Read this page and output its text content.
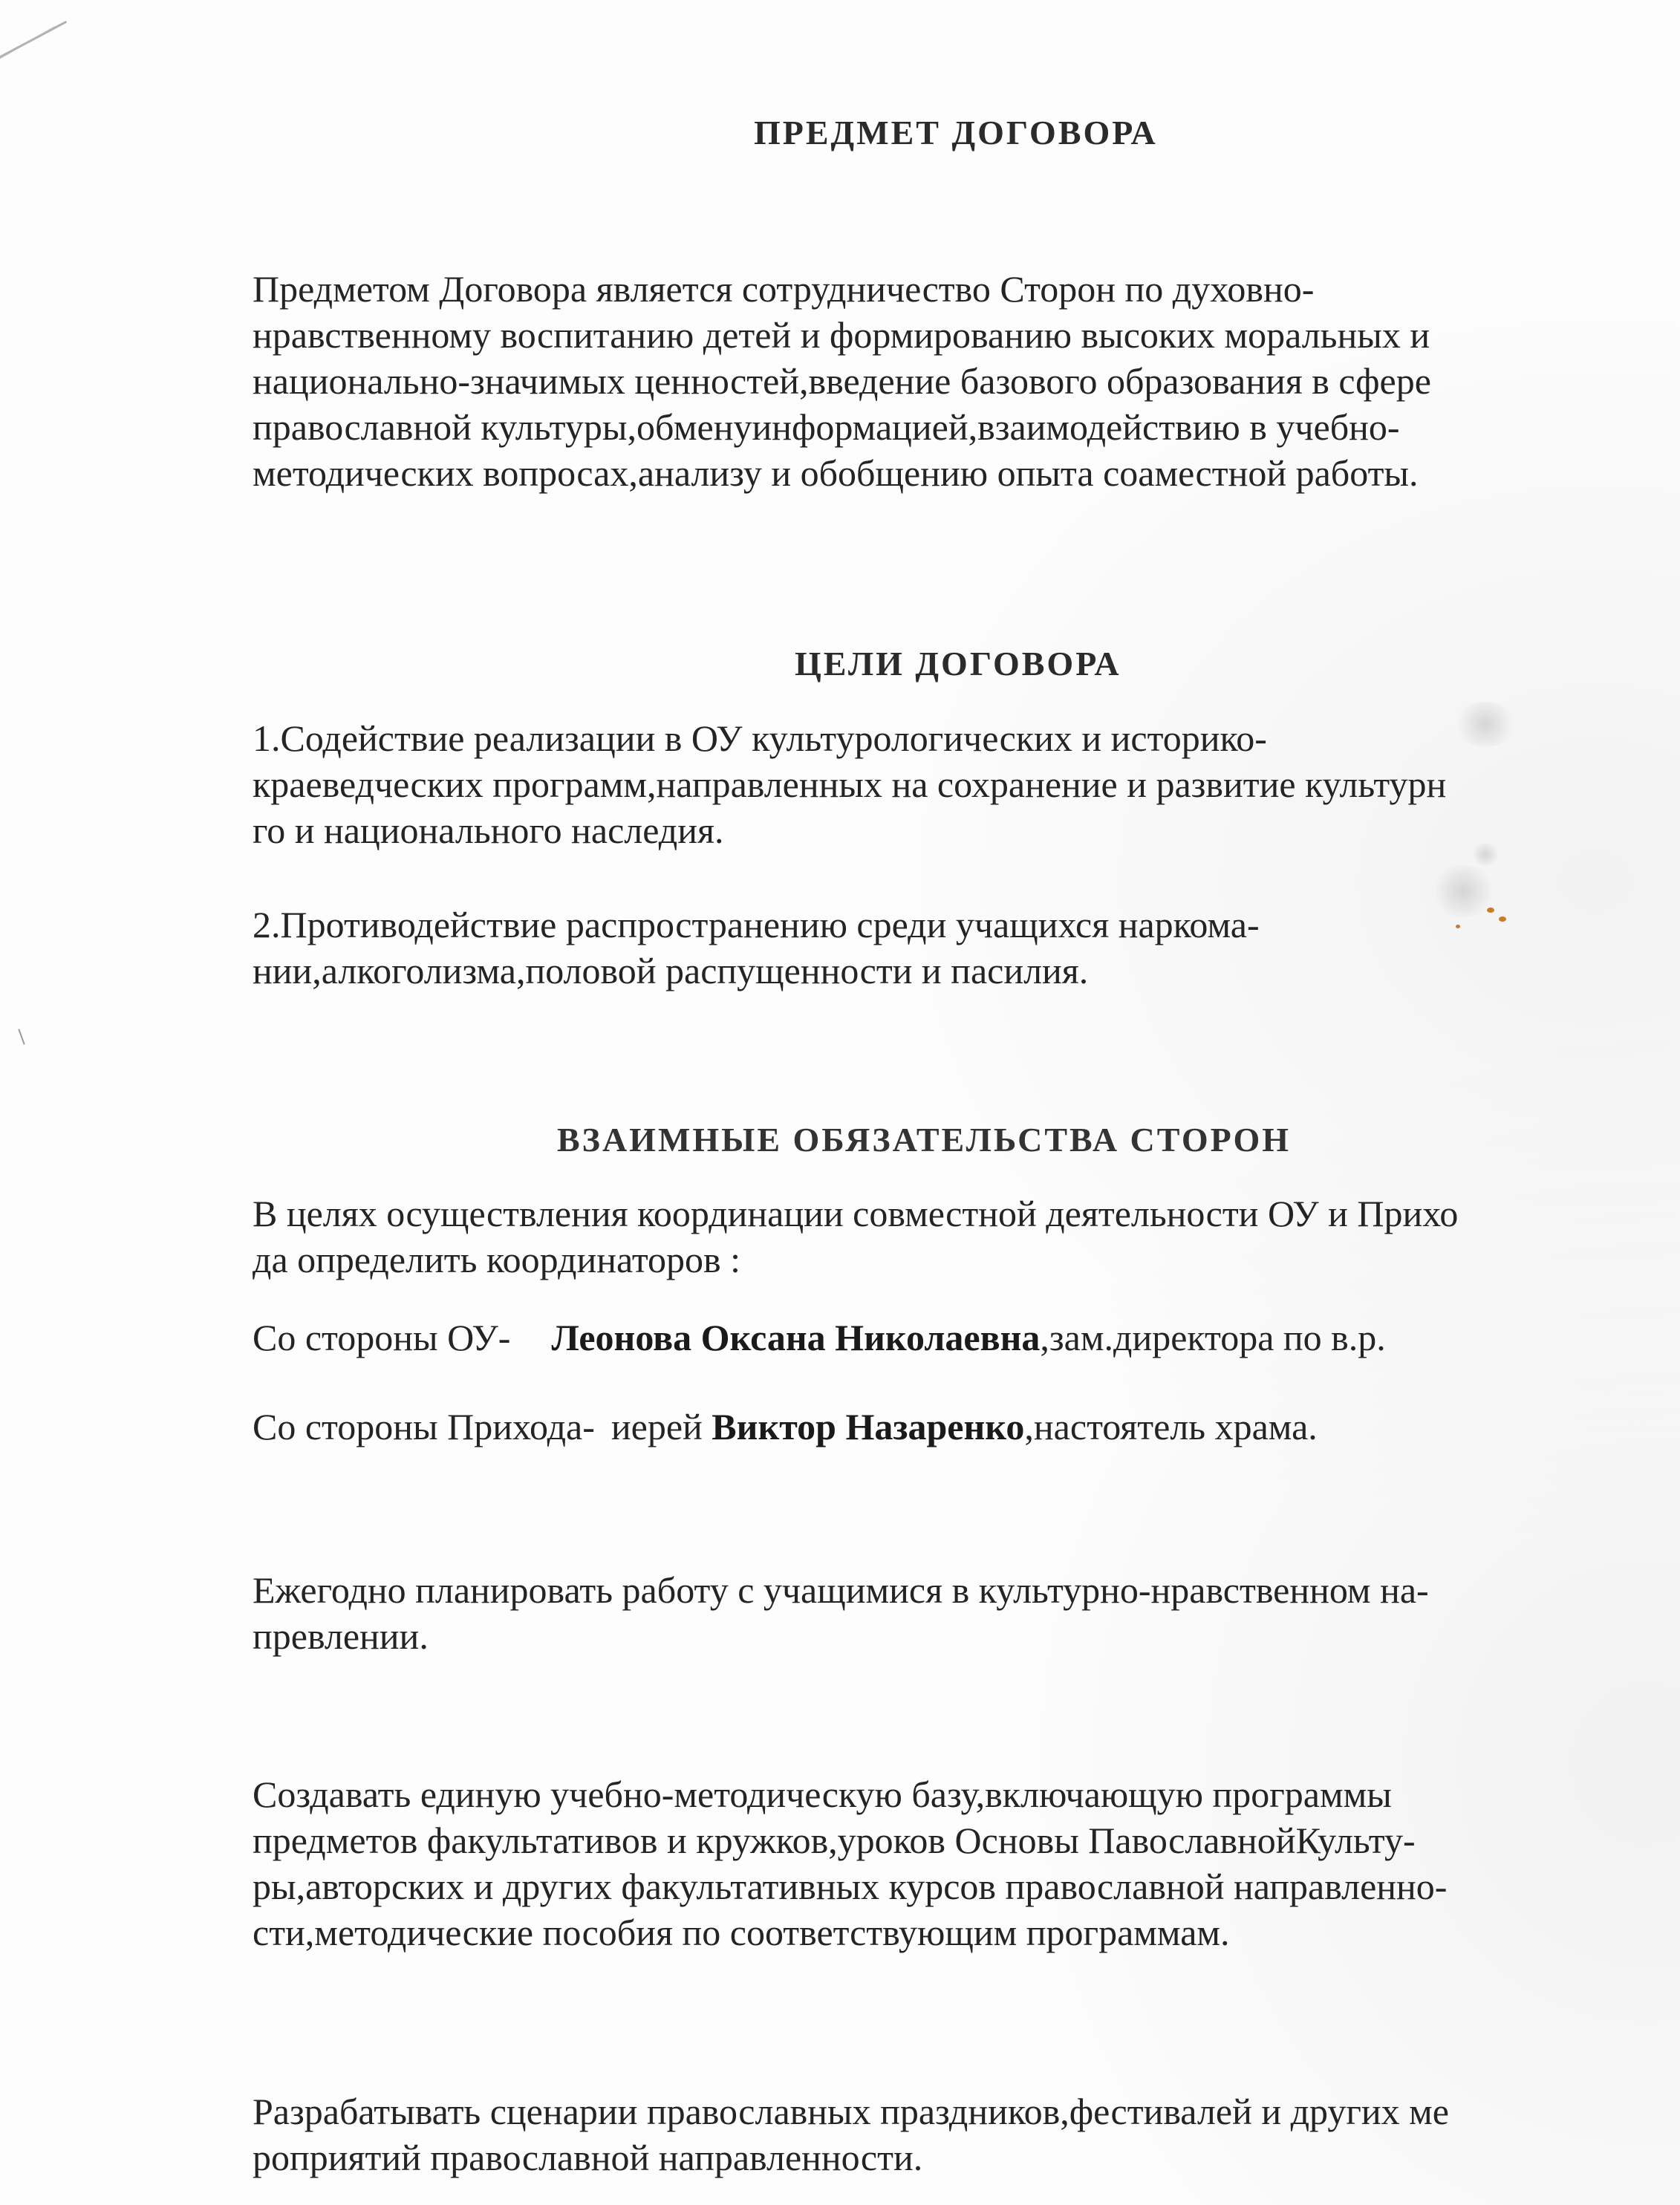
ПРЕДМЕТ ДОГОВОРА
Предметом Договора является сотрудничество Сторон по духовно-
нравственному воспитанию детей и формированию высоких моральных и
национально-значимых ценностей,введение базового образования в сфере
православной культуры,обменуинформацией,взаимодействию в учебно-
методических вопросах,анализу и обобщению опыта соаместной работы.
ЦЕЛИ ДОГОВОРА
1.Содействие реализации в ОУ культурологических и историко-
краеведческих программ,направленных на сохранение и развитие культурн
го и национального наследия.
2.Противодействие распространению среди учащихся наркома-
нии,алкоголизма,половой распущенности и пасилия.
ВЗАИМНЫЕ ОБЯЗАТЕЛЬСТВА СТОРОН
В целях осуществления координации совместной деятельности ОУ и Прихо
да определить координаторов :
Со стороны ОУ- Леонова Оксана Николаевна,зам.директора по в.р.
Со стороны Прихода- иерей Виктор Назаренко,настоятель храма.
Ежегодно планировать работу с учащимися в культурно-нравственном на-
превлении.
Создавать единую учебно-методическую базу,включающую программы
предметов факультативов и кружков,уроков Основы ПавославнойКульту-
ры,авторских и других факультативных курсов православной направленно-
сти,методические пособия по соответствующим программам.
Разрабатывать сценарии православных праздников,фестивалей и других ме
роприятий православной направленности.
